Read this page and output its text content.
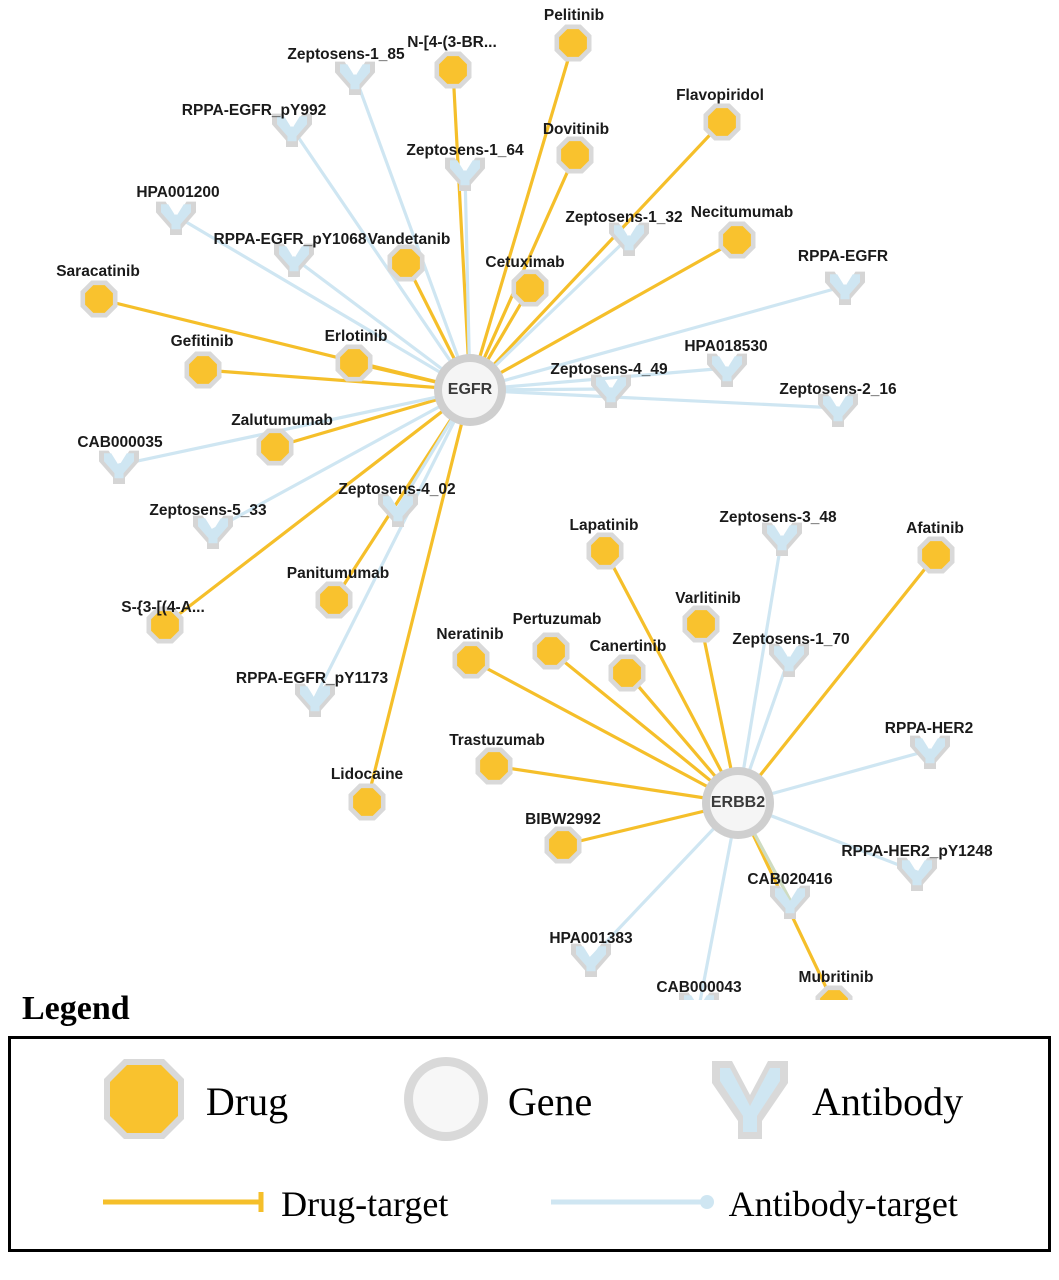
Pelitinib
N-[4-(3-BR...
Flavopiridol
Dovitinib
Necitumumab
Vandetanib
Cetuximab
Saracatinib
Erlotinib
Gefitinib
Zalutumumab
Afatinib
Lapatinib
Panitumumab
Varlitinib
S-{3-[(4-A...
Pertuzumab
Canertinib
Neratinib
Trastuzumab
Lidocaine
BIBW2992
Mubritinib
Zeptosens-1_85
RPPA-EGFR_pY992
Zeptosens-1_64
HPA001200
Zeptosens-1_32
RPPA-EGFR_pY1068
RPPA-EGFR
HPA018530
Zeptosens-4_49
Zeptosens-2_16
CAB000035
Zeptosens-4_02
Zeptosens-5_33	Zeptosens-3_48
Zeptosens-1_70
RPPA-EGFR_pY1173
RPPA-HER2
RPPA-HER2_pY1248
CAB020416
HPA001383
CAB000043
EGFR
ERBB2
Legend
Drug	Gene	Antibody
Drug-target	Antibody-target
